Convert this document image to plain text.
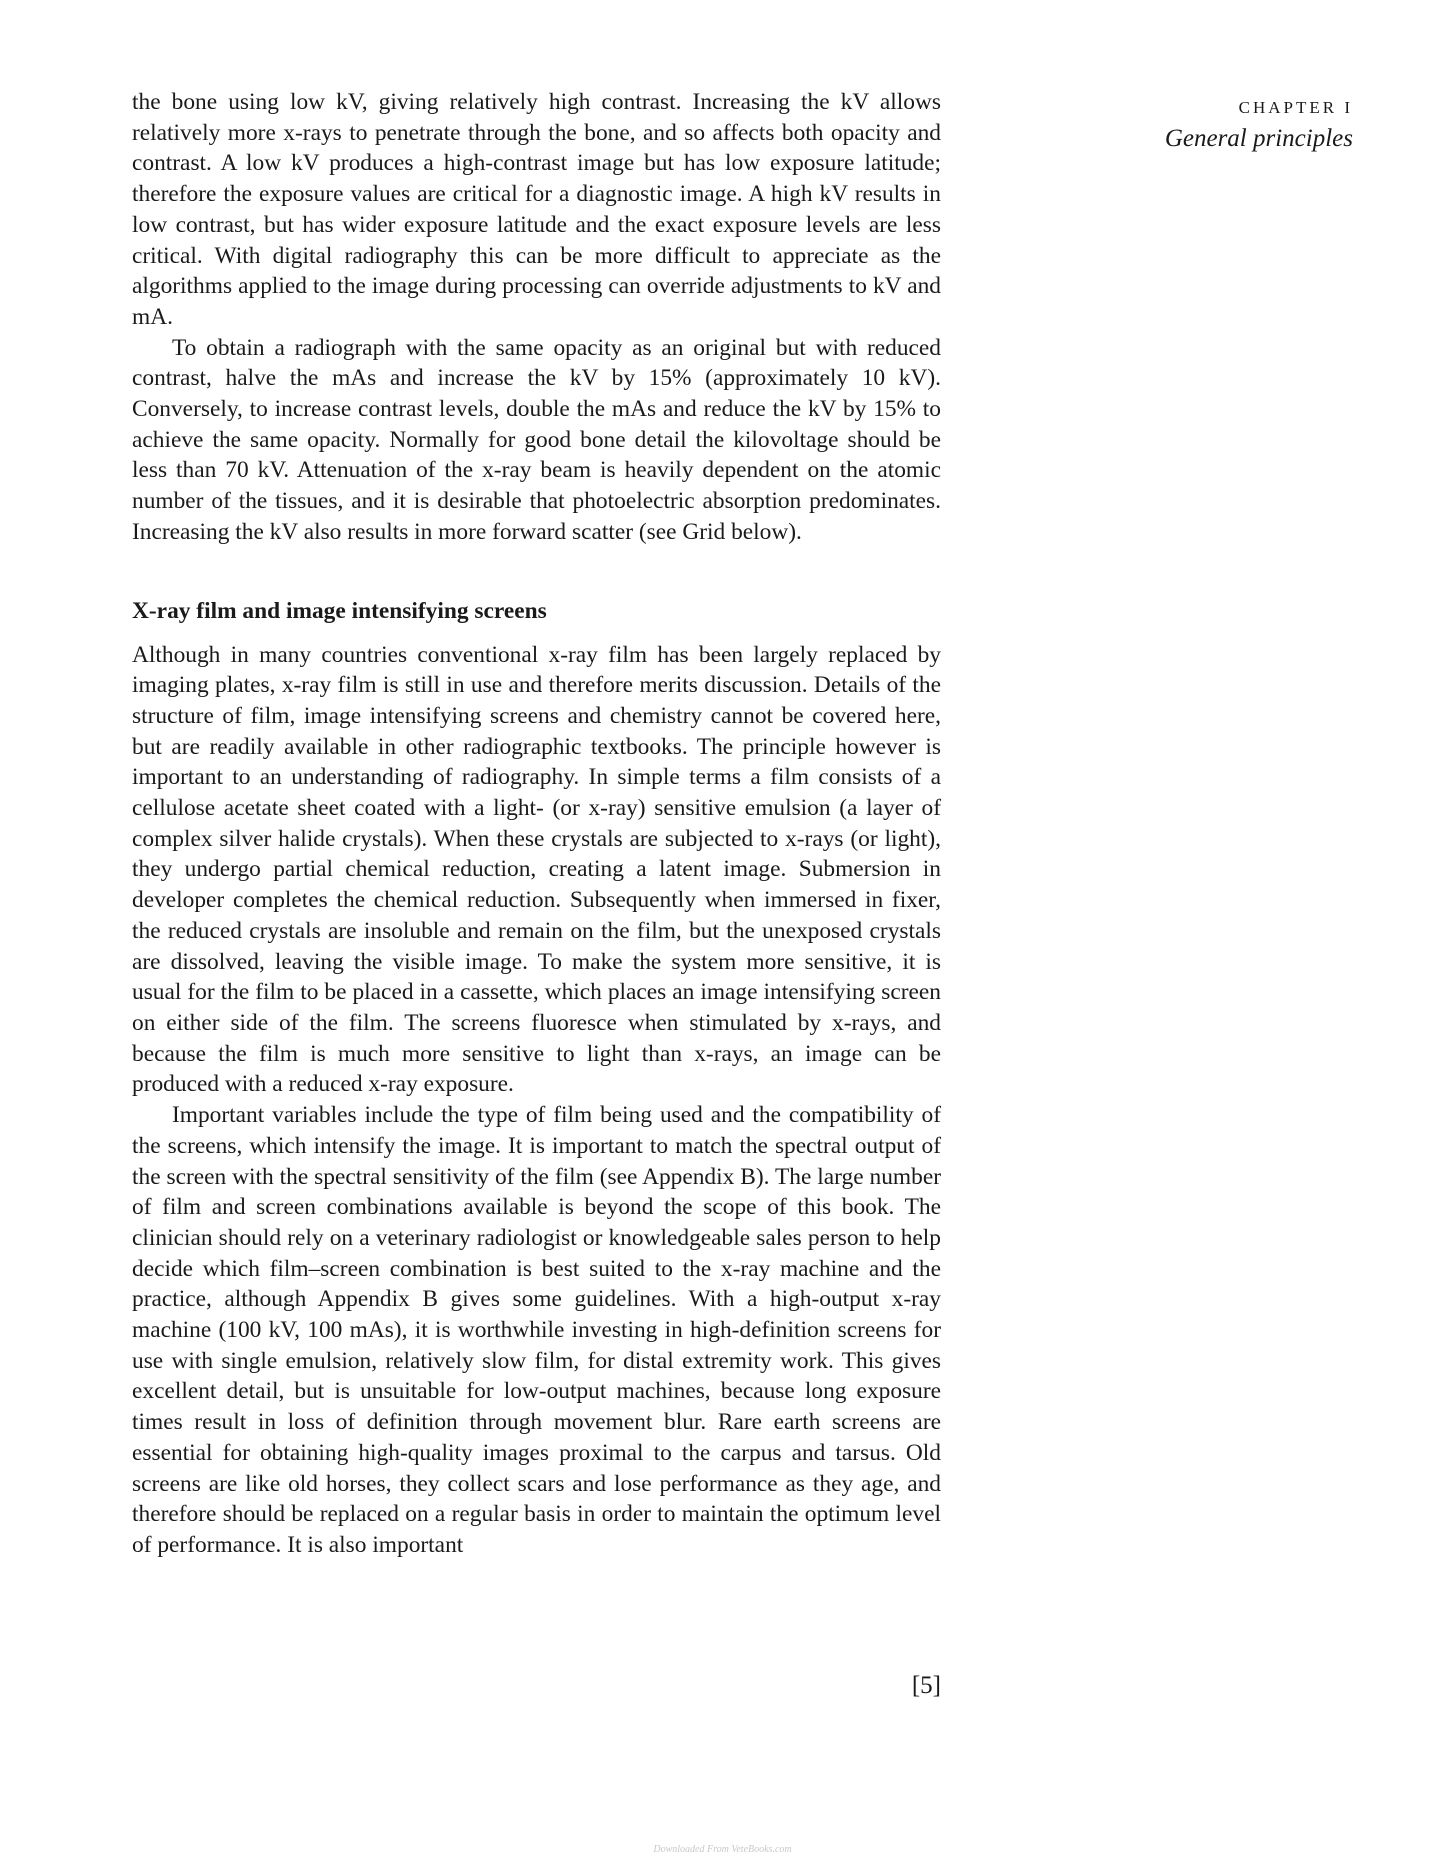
CHAPTER I
General principles

the bone using low kV, giving relatively high contrast. Increasing the kV allows relatively more x-rays to penetrate through the bone, and so affects both opacity and contrast. A low kV produces a high-contrast image but has low exposure latitude; therefore the exposure values are critical for a diagnostic image. A high kV results in low contrast, but has wider exposure latitude and the exact exposure levels are less critical. With digital radiography this can be more difficult to appreciate as the algorithms applied to the image during processing can override adjustments to kV and mA.

To obtain a radiograph with the same opacity as an original but with reduced contrast, halve the mAs and increase the kV by 15% (approximately 10 kV). Conversely, to increase contrast levels, double the mAs and reduce the kV by 15% to achieve the same opacity. Normally for good bone detail the kilovoltage should be less than 70 kV. Attenuation of the x-ray beam is heavily dependent on the atomic number of the tissues, and it is desirable that photoelectric absorption predominates. Increasing the kV also results in more forward scatter (see Grid below).

X-ray film and image intensifying screens

Although in many countries conventional x-ray film has been largely replaced by imaging plates, x-ray film is still in use and therefore merits discussion. Details of the structure of film, image intensifying screens and chemistry cannot be covered here, but are readily available in other radiographic textbooks. The principle however is important to an understanding of radiography. In simple terms a film consists of a cellulose acetate sheet coated with a light- (or x-ray) sensitive emulsion (a layer of complex silver halide crystals). When these crystals are subjected to x-rays (or light), they undergo partial chemical reduction, creating a latent image. Submersion in developer completes the chemical reduction. Subsequently when immersed in fixer, the reduced crystals are insoluble and remain on the film, but the unexposed crystals are dissolved, leaving the visible image. To make the system more sensitive, it is usual for the film to be placed in a cassette, which places an image intensifying screen on either side of the film. The screens fluoresce when stimulated by x-rays, and because the film is much more sensitive to light than x-rays, an image can be produced with a reduced x-ray exposure.

Important variables include the type of film being used and the compatibility of the screens, which intensify the image. It is important to match the spectral output of the screen with the spectral sensitivity of the film (see Appendix B). The large number of film and screen combinations available is beyond the scope of this book. The clinician should rely on a veterinary radiologist or knowledgeable sales person to help decide which film–screen combination is best suited to the x-ray machine and the practice, although Appendix B gives some guidelines. With a high-output x-ray machine (100 kV, 100 mAs), it is worthwhile investing in high-definition screens for use with single emulsion, relatively slow film, for distal extremity work. This gives excellent detail, but is unsuitable for low-output machines, because long exposure times result in loss of definition through movement blur. Rare earth screens are essential for obtaining high-quality images proximal to the carpus and tarsus. Old screens are like old horses, they collect scars and lose performance as they age, and therefore should be replaced on a regular basis in order to maintain the optimum level of performance. It is also important

[5]
Downloaded From VeteBooks.com
